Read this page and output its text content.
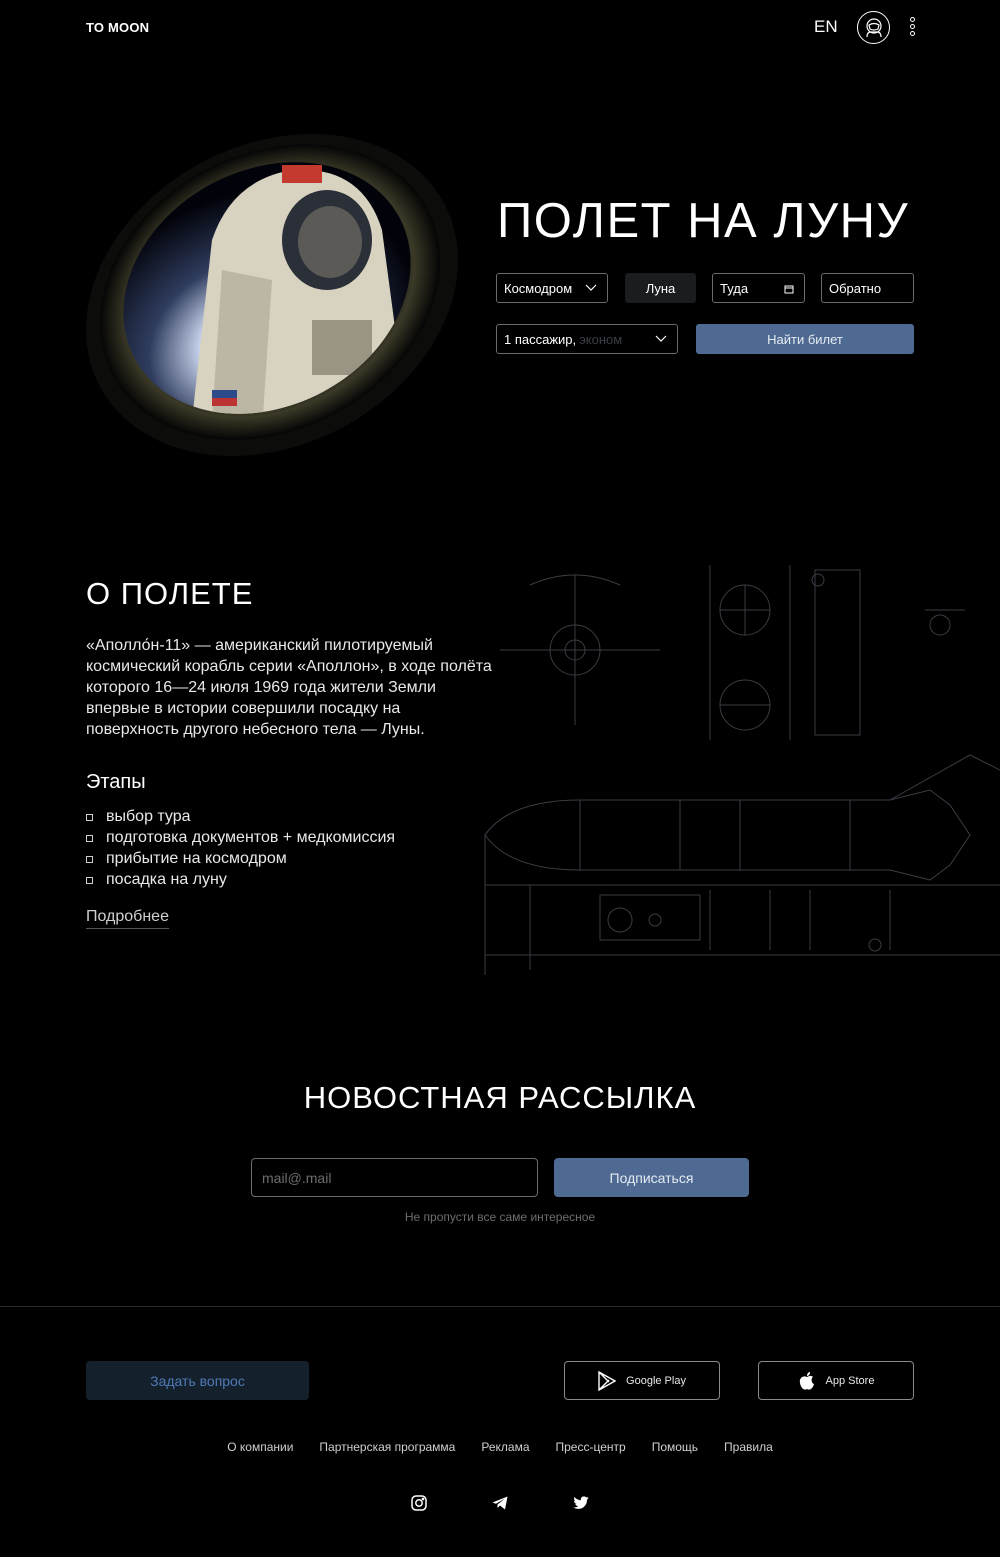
TO MOON	EN
ПОЛЕТ НА ЛУНУ
Космодром	Луна	Туда	Обратно
1 пассажир, эконом	Найти билет
О ПОЛЕТЕ
«Аполло́н-11» — американский пилотируемый космический корабль серии «Аполлон», в ходе полёта которого 16—24 июля 1969 года жители Земли впервые в истории совершили посадку на поверхность другого небесного тела — Луны.
Этапы
выбор тура
подготовка документов + медкомиссия
прибытие на космодром
посадка на луну
Подробнее
НОВОСТНАЯ РАССЫЛКА
mail@.mail
Подписаться
Не пропусти все саме интересное
Задать вопрос	Google Play	App Store
О компании Партнерская программа Реклама Пресс-центр Помощь Правила
